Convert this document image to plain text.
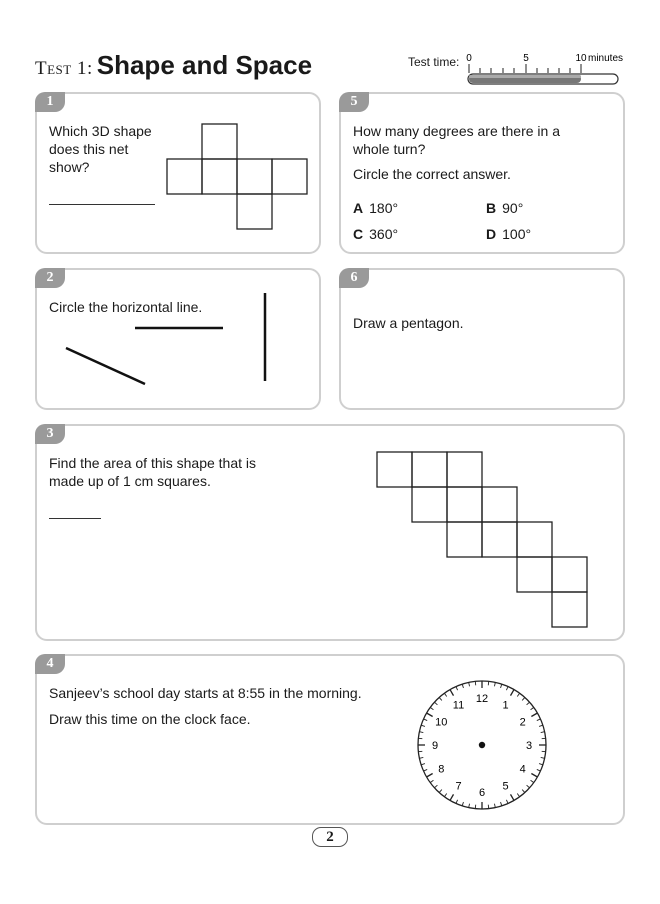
Test 1: Shape and Space	Test time: 0	5	10 minutes
1
Which 3D shape does this net show?
5
How many degrees are there in a whole turn?
Circle the correct answer.
A 180°	B 90°
C 360°	D 100°
2
Circle the horizontal line.
6
Draw a pentagon.
3
Find the area of this shape that is made up of 1 cm squares.
4
Sanjeev’s school day starts at 8:55 in the morning.
Draw this time on the clock face.
12
1
2
3
4
5
6
7
8
9
10
11
2
